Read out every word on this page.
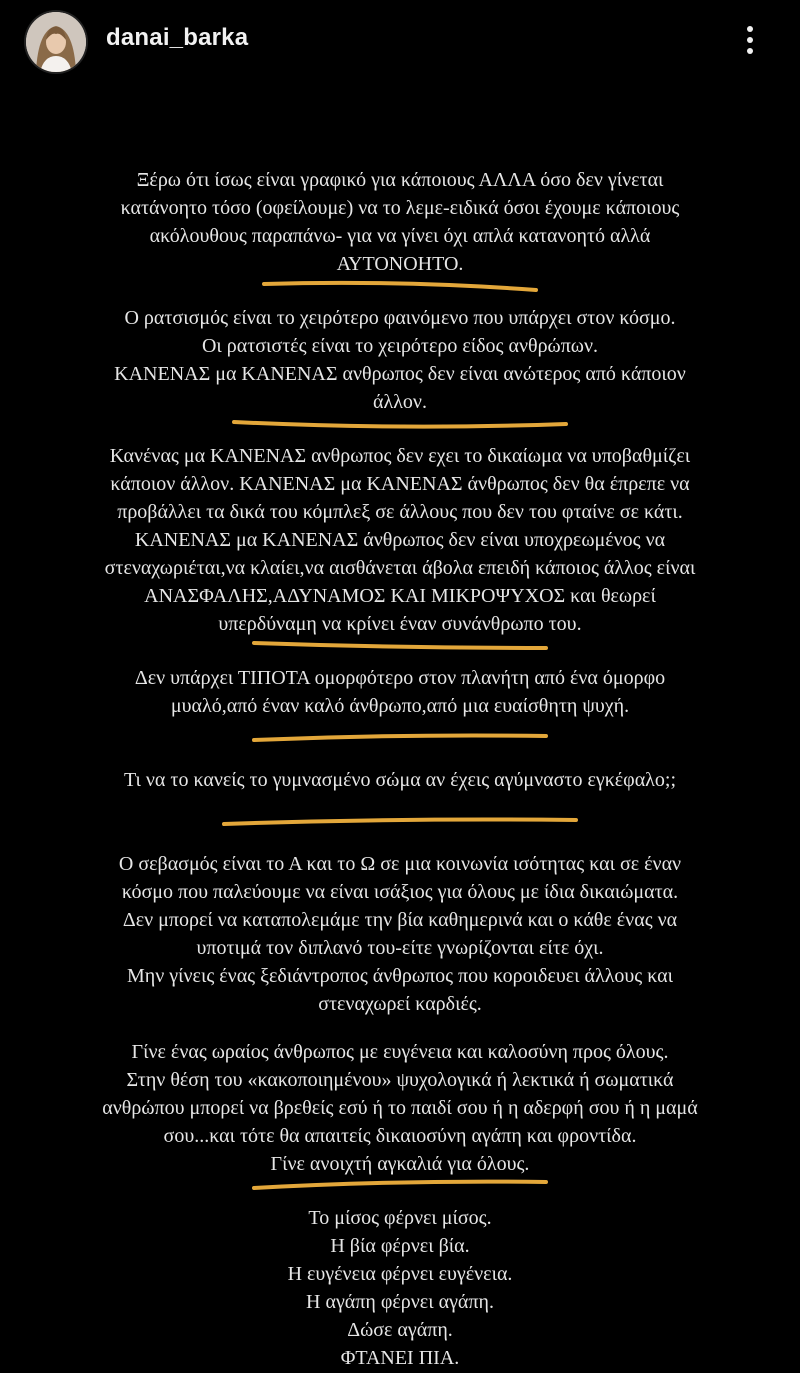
danai_barka
Ξέρω ότι ίσως είναι γραφικό για κάποιους ΑΛΛΑ όσο δεν γίνεται
κατάνοητο τόσο (οφείλουμε) να το λεμε-ειδικά όσοι έχουμε κάποιους
ακόλουθους παραπάνω- για να γίνει όχι απλά κατανοητό αλλά
ΑΥΤΟΝΟΗΤΟ.
Ο ρατσισμός είναι το χειρότερο φαινόμενο που υπάρχει στον κόσμο.
Οι ρατσιστές είναι το χειρότερο είδος ανθρώπων.
ΚΑΝΕΝΑΣ μα ΚΑΝΕΝΑΣ ανθρωπος δεν είναι ανώτερος από κάποιον
άλλον.
Κανένας μα ΚΑΝΕΝΑΣ ανθρωπος δεν εχει το δικαίωμα να υποβαθμίζει
κάποιον άλλον. ΚΑΝΕΝΑΣ μα ΚΑΝΕΝΑΣ άνθρωπος δεν θα έπρεπε να
προβάλλει τα δικά του κόμπλεξ σε άλλους που δεν του φταίνε σε κάτι.
ΚΑΝΕΝΑΣ μα ΚΑΝΕΝΑΣ άνθρωπος δεν είναι υποχρεωμένος να
στεναχωριέται,να κλαίει,να αισθάνεται άβολα επειδή κάποιος άλλος είναι
ΑΝΑΣΦΑΛΗΣ,ΑΔΥΝΑΜΟΣ ΚΑΙ ΜΙΚΡΟΨΥΧΟΣ και θεωρεί
υπερδύναμη να κρίνει έναν συνάνθρωπο του.
Δεν υπάρχει ΤΙΠΟΤΑ ομορφότερο στον πλανήτη από ένα όμορφο
μυαλό,από έναν καλό άνθρωπο,από μια ευαίσθητη ψυχή.
Τι να το κανείς το γυμνασμένο σώμα αν έχεις αγύμναστο εγκέφαλο;;
Ο σεβασμός είναι το Α και το Ω σε μια κοινωνία ισότητας και σε έναν
κόσμο που παλεύουμε να είναι ισάξιος για όλους με ίδια δικαιώματα.
Δεν μπορεί να καταπολεμάμε την βία καθημερινά και ο κάθε ένας να
υποτιμά τον διπλανό του-είτε γνωρίζονται είτε όχι.
Μην γίνεις ένας ξεδιάντροπος άνθρωπος που κοροιδευει άλλους και
στεναχωρεί καρδιές.
Γίνε ένας ωραίος άνθρωπος με ευγένεια και καλοσύνη προς όλους.
Στην θέση του «κακοποιημένου» ψυχολογικά ή λεκτικά ή σωματικά
ανθρώπου μπορεί να βρεθείς εσύ ή το παιδί σου ή η αδερφή σου ή η μαμά
σου...και τότε θα απαιτείς δικαιοσύνη αγάπη και φροντίδα.
Γίνε ανοιχτή αγκαλιά για όλους.
Το μίσος φέρνει μίσος.
Η βία φέρνει βία.
Η ευγένεια φέρνει ευγένεια.
Η αγάπη φέρνει αγάπη.
Δώσε αγάπη.
ΦΤΑΝΕΙ ΠΙΑ.
